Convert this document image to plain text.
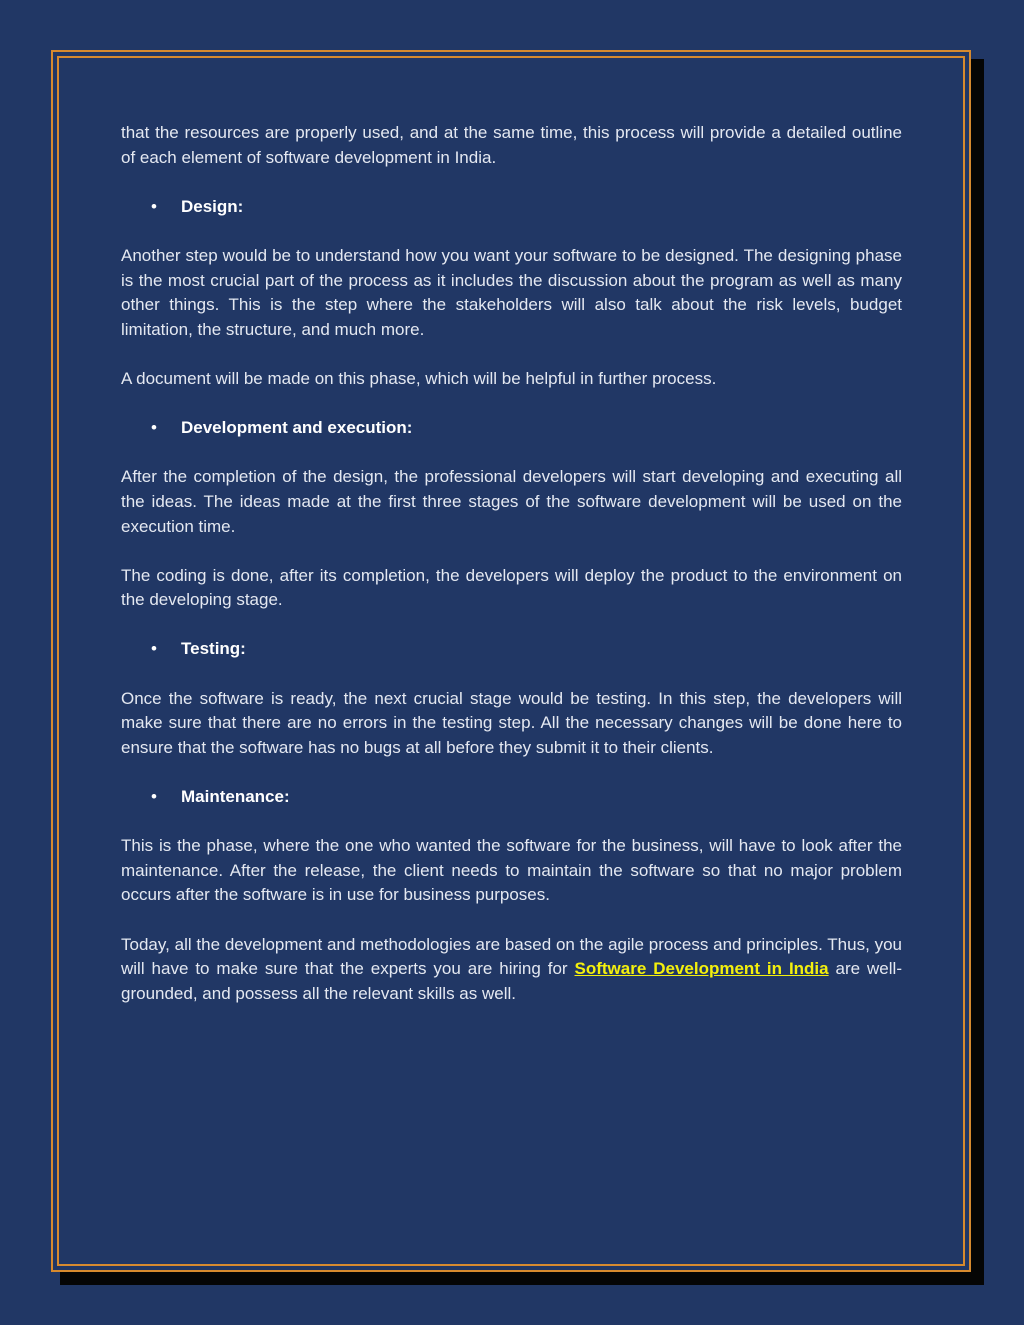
that the resources are properly used, and at the same time, this process will provide a detailed outline of each element of software development in India.

• Design:

Another step would be to understand how you want your software to be designed. The designing phase is the most crucial part of the process as it includes the discussion about the program as well as many other things. This is the step where the stakeholders will also talk about the risk levels, budget limitation, the structure, and much more.

A document will be made on this phase, which will be helpful in further process.

• Development and execution:

After the completion of the design, the professional developers will start developing and executing all the ideas. The ideas made at the first three stages of the software development will be used on the execution time.

The coding is done, after its completion, the developers will deploy the product to the environment on the developing stage.

• Testing:

Once the software is ready, the next crucial stage would be testing. In this step, the developers will make sure that there are no errors in the testing step. All the necessary changes will be done here to ensure that the software has no bugs at all before they submit it to their clients.

• Maintenance:

This is the phase, where the one who wanted the software for the business, will have to look after the maintenance. After the release, the client needs to maintain the software so that no major problem occurs after the software is in use for business purposes.

Today, all the development and methodologies are based on the agile process and principles. Thus, you will have to make sure that the experts you are hiring for Software Development in India are well-grounded, and possess all the relevant skills as well.
